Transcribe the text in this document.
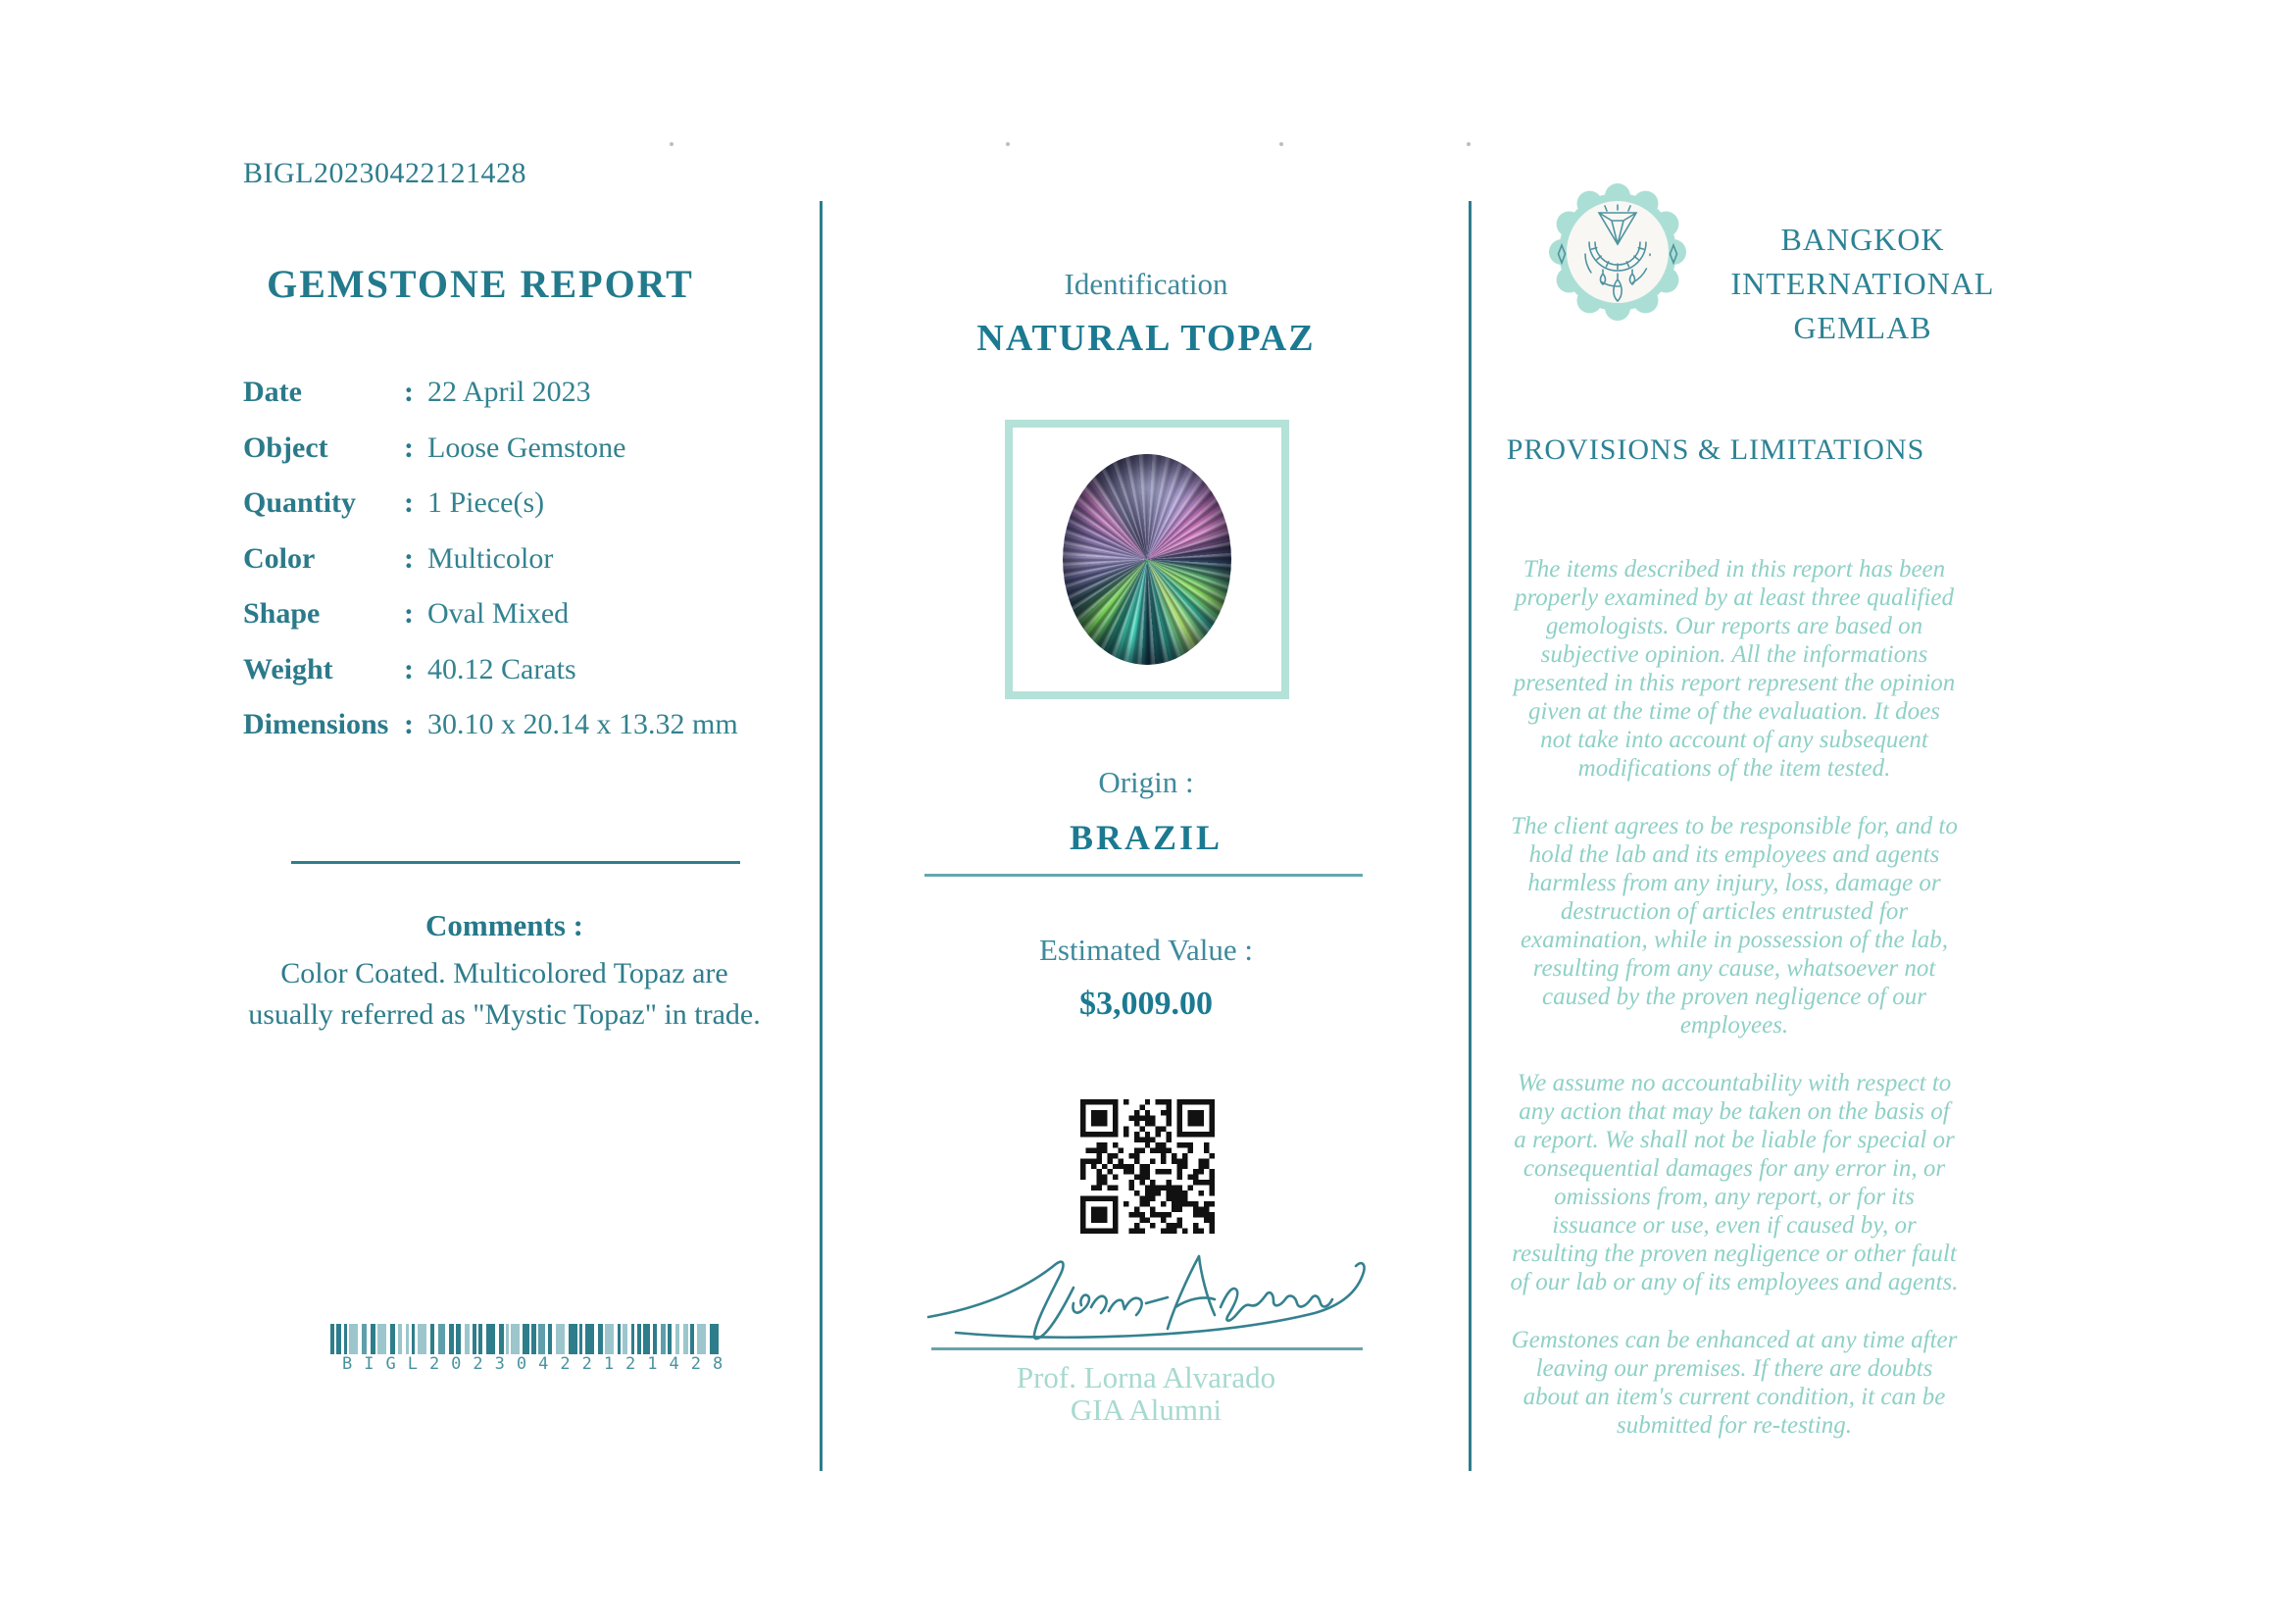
BIGL20230422121428
GEMSTONE REPORT
Date	: 22 April 2023
Object	: Loose Gemstone
Quantity	: 1 Piece(s)
Color	: Multicolor
Shape	: Oval Mixed
Weight	: 40.12 Carats
Dimensions : 30.10 x 20.14 x 13.32 mm
Comments :
Color Coated. Multicolored Topaz are usually referred as "Mystic Topaz" in trade.
BIGL20230422121428
Identification
NATURAL TOPAZ
Origin :
BRAZIL
Estimated Value :
$3,009.00
Prof. Lorna Alvarado
GIA Alumni
BANGKOK
INTERNATIONAL
GEMLAB
PROVISIONS & LIMITATIONS

The items described in this report has been properly examined by at least three qualified gemologists. Our reports are based on subjective opinion. All the informations presented in this report represent the opinion given at the time of the evaluation. It does not take into account of any subsequent modifications of the item tested.

The client agrees to be responsible for, and to hold the lab and its employees and agents harmless from any injury, loss, damage or destruction of articles entrusted for examination, while in possession of the lab, resulting from any cause, whatsoever not caused by the proven negligence of our employees.

We assume no accountability with respect to any action that may be taken on the basis of a report. We shall not be liable for special or consequential damages for any error in, or omissions from, any report, or for its issuance or use, even if caused by, or resulting the proven negligence or other fault of our lab or any of its employees and agents.

Gemstones can be enhanced at any time after leaving our premises. If there are doubts about an item's current condition, it can be submitted for re-testing.
